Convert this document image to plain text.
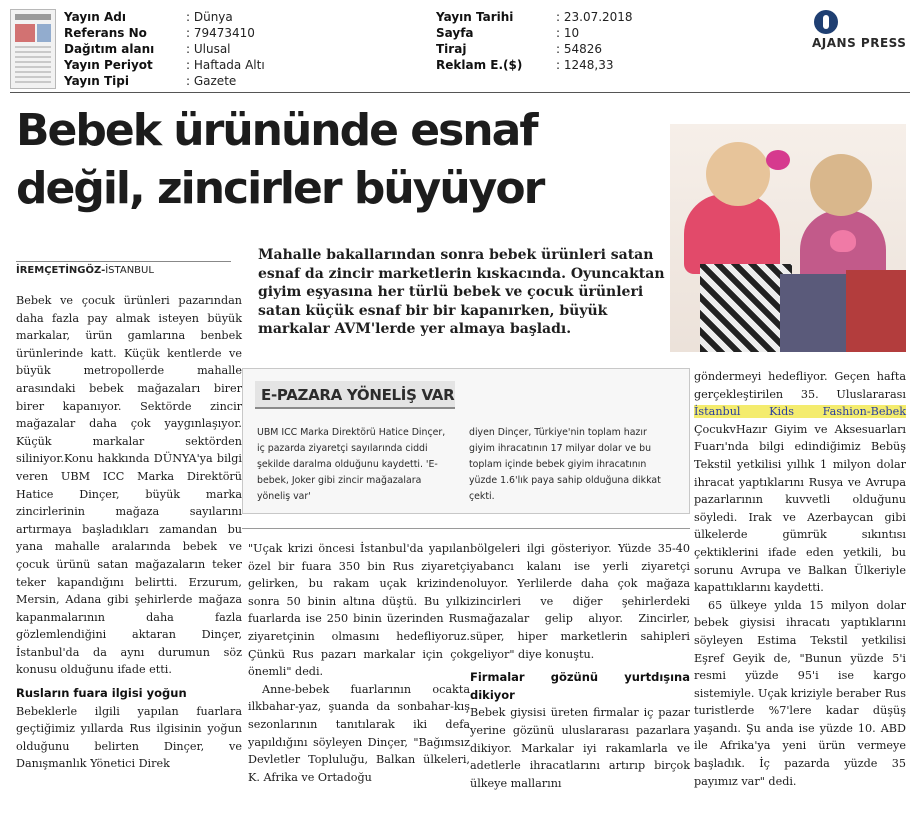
Yayın Adı	: Dünya
Referans No	: 79473410
Dağıtım alanı	: Ulusal
Yayın Periyot	: Haftada Altı
Yayın Tipi	: Gazete
Yayın Tarihi	: 23.07.2018
Sayfa	: 10
Tiraj	: 54826
Reklam E.($)	: 1248,33
AJANS PRESS
Bebek ürününde esnaf
değil, zincirler büyüyor
İREMÇETİNGÖZ-İSTANBUL

Mahalle bakallarından sonra bebek ürünleri satan esnaf da zincir marketlerin kıskacında. Oyuncaktan giyim eşyasına her türlü bebek ve çocuk ürünleri satan küçük esnaf bir bir kapanırken, büyük markalar AVM'lerde yer almaya başladı.

Bebek ve çocuk ürünleri pazarından daha fazla pay almak isteyen büyük markalar, ürün gamlarına benbek ürünlerinde katt. Küçük kentlerde ve büyük metropollerde mahalle arasındaki bebek mağazaları birer birer kapanıyor. Sektörde zincir mağazalar daha çok yaygınlaşıyor. Küçük markalar sektörden siliniyor.Konu hakkında DÜNYA'ya bilgi veren UBM ICC Marka Direktörü Hatice Dinçer, büyük marka zincirlerinin mağaza sayılarını artırmaya başladıkları zamandan bu yana mahalle aralarında bebek ve çocuk ürünü satan mağazaların teker teker kapandığını belirtti. Erzurum, Mersin, Adana gibi şehirlerde mağaza kapanmalarının daha fazla gözlemlendiğini aktaran Dinçer, İstanbul'da da aynı durumun söz konusu olduğunu ifade etti.

Rusların fuara ilgisi yoğun

Bebeklerle ilgili yapılan fuarlara geçtiğimiz yıllarda Rus ilgisinin yoğun olduğunu belirten Dinçer, ve Danışmanlık Yönetici Direk

E-PAZARA YÖNELİŞ VAR
UBM ICC Marka Direktörü Hatice Dinçer, iç pazarda ziyaretçi sayılarında ciddi şekilde daralma olduğunu kaydetti. 'E-bebek, Joker gibi zincir mağazalara yöneliş var'
diyen Dinçer, Türkiye'nin toplam hazır giyim ihracatının 17 milyar dolar ve bu toplam içinde bebek giyim ihracatının yüzde 1.6'lık paya sahip olduğuna dikkat çekti.

"Uçak krizi öncesi İstanbul'da yapılan özel bir fuara 350 bin Rus ziyaretçi gelirken, bu rakam uçak krizinden sonra 50 binin altına düştü. Bu yılki fuarlarda ise 250 binin üzerinden Rus ziyaretçinin olmasını hedefliyoruz. Çünkü Rus pazarı markalar için çok önemli" dedi.

Anne-bebek fuarlarının ocakta ilkbahar-yaz, şuanda da sonbahar-kış sezonlarının tanıtılarak iki defa yapıldığını söyleyen Dinçer, "Bağımsız Devletler Topluluğu, Balkan ülkeleri, K. Afrika ve Ortadoğu

bölgeleri ilgi gösteriyor. Yüzde 35-40 yabancı kalanı ise yerli ziyaretçi oluyor. Yerlilerde daha çok mağaza zincirleri ve diğer şehirlerdeki mağazalar gelip alıyor. Zincirler, süper, hiper marketlerin sahipleri geliyor" diye konuştu.

Firmalar gözünü yurtdışına dikiyor

Bebek giysisi üreten firmalar iç pazar yerine gözünü uluslararası pazarlara dikiyor. Markalar iyi rakamlarla ve adetlerle ihracatlarını artırıp birçok ülkeye mallarını

göndermeyi hedefliyor. Geçen hafta gerçekleştirilen 35. Uluslararası İstanbul Kids Fashion-Bebek ÇocukvHazır Giyim ve Aksesuarları Fuarı'nda bilgi edindiğimiz Bebüş Tekstil yetkilisi yıllık 1 milyon dolar ihracat yaptıklarını Rusya ve Avrupa pazarlarının kuvvetli olduğunu söyledi. Irak ve Azerbaycan gibi ülkelerde gümrük sıkıntısı çektiklerini ifade eden yetkili, bu sorunu Avrupa ve Balkan Ülkeriyle kapattıklarını kaydetti.

65 ülkeye yılda 15 milyon dolar bebek giysisi ihracatı yaptıklarını söyleyen Estima Tekstil yetkilisi Eşref Geyik de, "Bunun yüzde 5'i resmi yüzde 95'i ise kargo sistemiyle. Uçak kriziyle beraber Rus turistlerde %7'lere kadar düşüş yaşandı. Şu anda ise yüzde 10. ABD ile Afrika'ya yeni ürün vermeye başladık. İç pazarda yüzde 35 payımız var" dedi.
